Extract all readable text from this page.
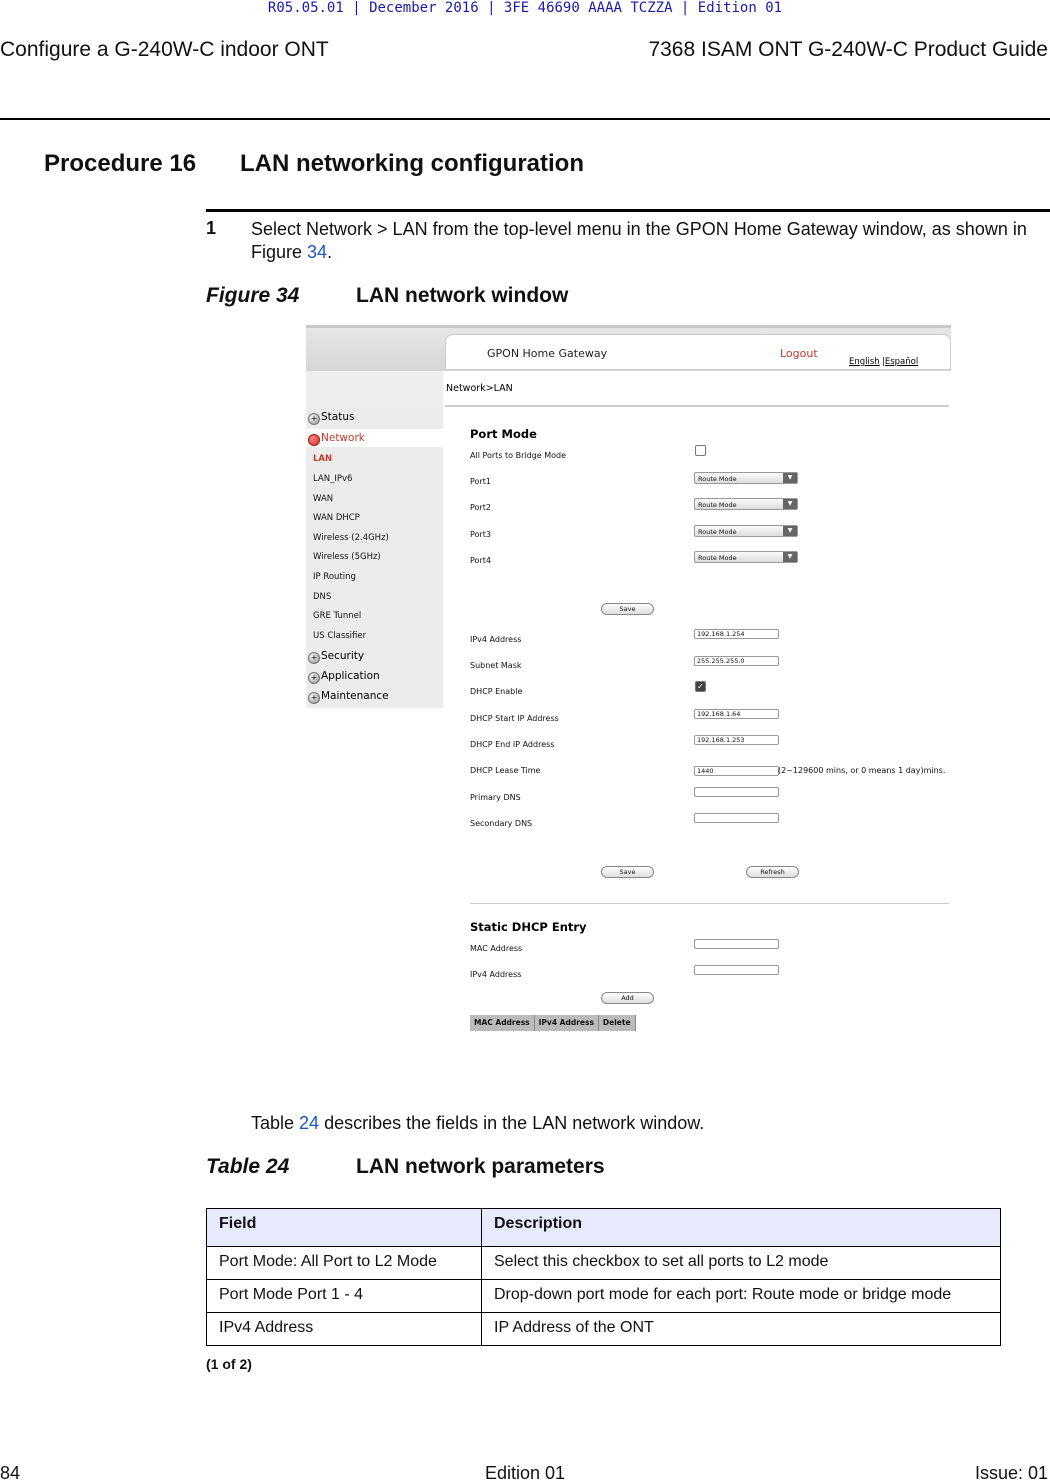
R05.05.01 | December 2016 | 3FE 46690 AAAA TCZZA | Edition 01
Configure a G-240W-C indoor ONT	7368 ISAM ONT G-240W-C Product Guide
Procedure 16 LAN networking configuration
1 Select Network > LAN from the top-level menu in the GPON Home Gateway window, as shown in Figure 34.
Figure 34	LAN network window
GPON Home Gateway	Logout
English |Español
Network>LAN
+ Status
- Network
LAN
LAN_IPv6
WAN
WAN DHCP
Wireless (2.4GHz)
Wireless (5GHz)
IP Routing
DNS
GRE Tunnel
US Classifier
+ Security
+ Application
+ Maintenance
Port Mode
All Ports to Bridge Mode
Port1	Route Mode	▼
Port2	Route Mode	▼
Port3	Route Mode	▼
Port4	Route Mode	▼
Save
IPv4 Address
192.168.1.254
Subnet Mask	255.255.255.0
DHCP Enable
✓
DHCP Start IP Address	192.168.1.64
DHCP End IP Address	192.168.1.253
DHCP Lease Time	1440	(2~129600 mins, or 0 means 1 day)mins.
Primary DNS
Secondary DNS
Save	Refresh
Static DHCP Entry
MAC Address
IPv4 Address
Add
MAC Address IPv4 Address Delete
Table 24 describes the fields in the LAN network window.
Table 24	LAN network parameters
Field	Description
Port Mode: All Port to L2 Mode	Select this checkbox to set all ports to L2 mode
Port Mode Port 1 - 4	Drop-down port mode for each port: Route mode or bridge mode
IPv4 Address	IP Address of the ONT
(1 of 2)
84	Edition 01	Issue: 01
